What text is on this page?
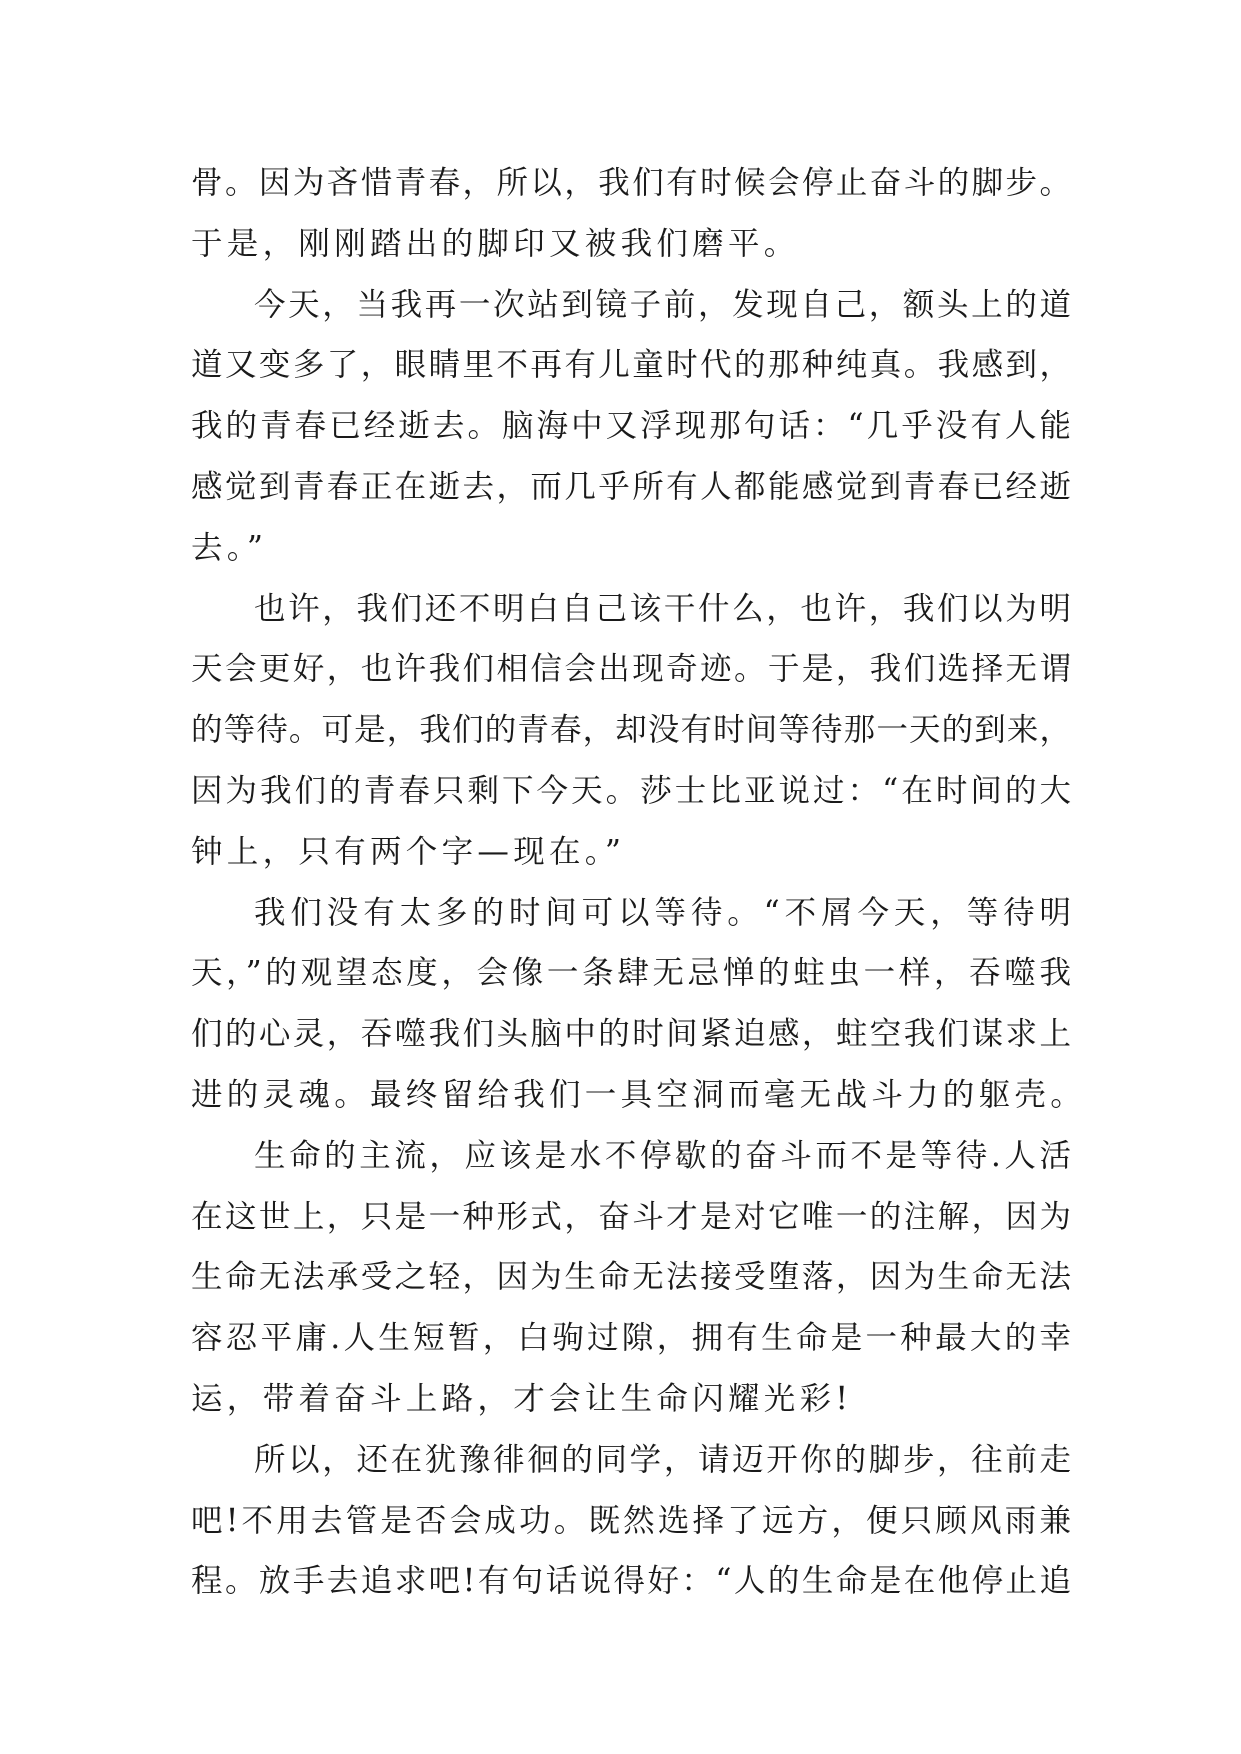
骨。因为吝惜青春，所以，我们有时候会停止奋斗的脚步。
于是，刚刚踏出的脚印又被我们磨平。
今天，当我再一次站到镜子前，发现自己，额头上的道
道又变多了，眼睛里不再有儿童时代的那种纯真。我感到，
我的青春已经逝去。脑海中又浮现那句话：“几乎没有人能
感觉到青春正在逝去，而几乎所有人都能感觉到青春已经逝
去。”
也许，我们还不明白自己该干什么，也许，我们以为明
天会更好，也许我们相信会出现奇迹。于是，我们选择无谓
的等待。可是，我们的青春，却没有时间等待那一天的到来，
因为我们的青春只剩下今天。莎士比亚说过：“在时间的大
钟上，只有两个字—现在。”
我们没有太多的时间可以等待。“不屑今天，等待明
天，”的观望态度，会像一条肆无忌惮的蛀虫一样，吞噬我
们的心灵，吞噬我们头脑中的时间紧迫感，蛀空我们谋求上
进的灵魂。最终留给我们一具空洞而毫无战斗力的躯壳。
生命的主流，应该是水不停歇的奋斗而不是等待.人活
在这世上，只是一种形式，奋斗才是对它唯一的注解，因为
生命无法承受之轻，因为生命无法接受堕落，因为生命无法
容忍平庸.人生短暂，白驹过隙，拥有生命是一种最大的幸
运，带着奋斗上路，才会让生命闪耀光彩!
所以，还在犹豫徘徊的同学，请迈开你的脚步，往前走
吧!不用去管是否会成功。既然选择了远方，便只顾风雨兼
程。放手去追求吧!有句话说得好：“人的生命是在他停止追
